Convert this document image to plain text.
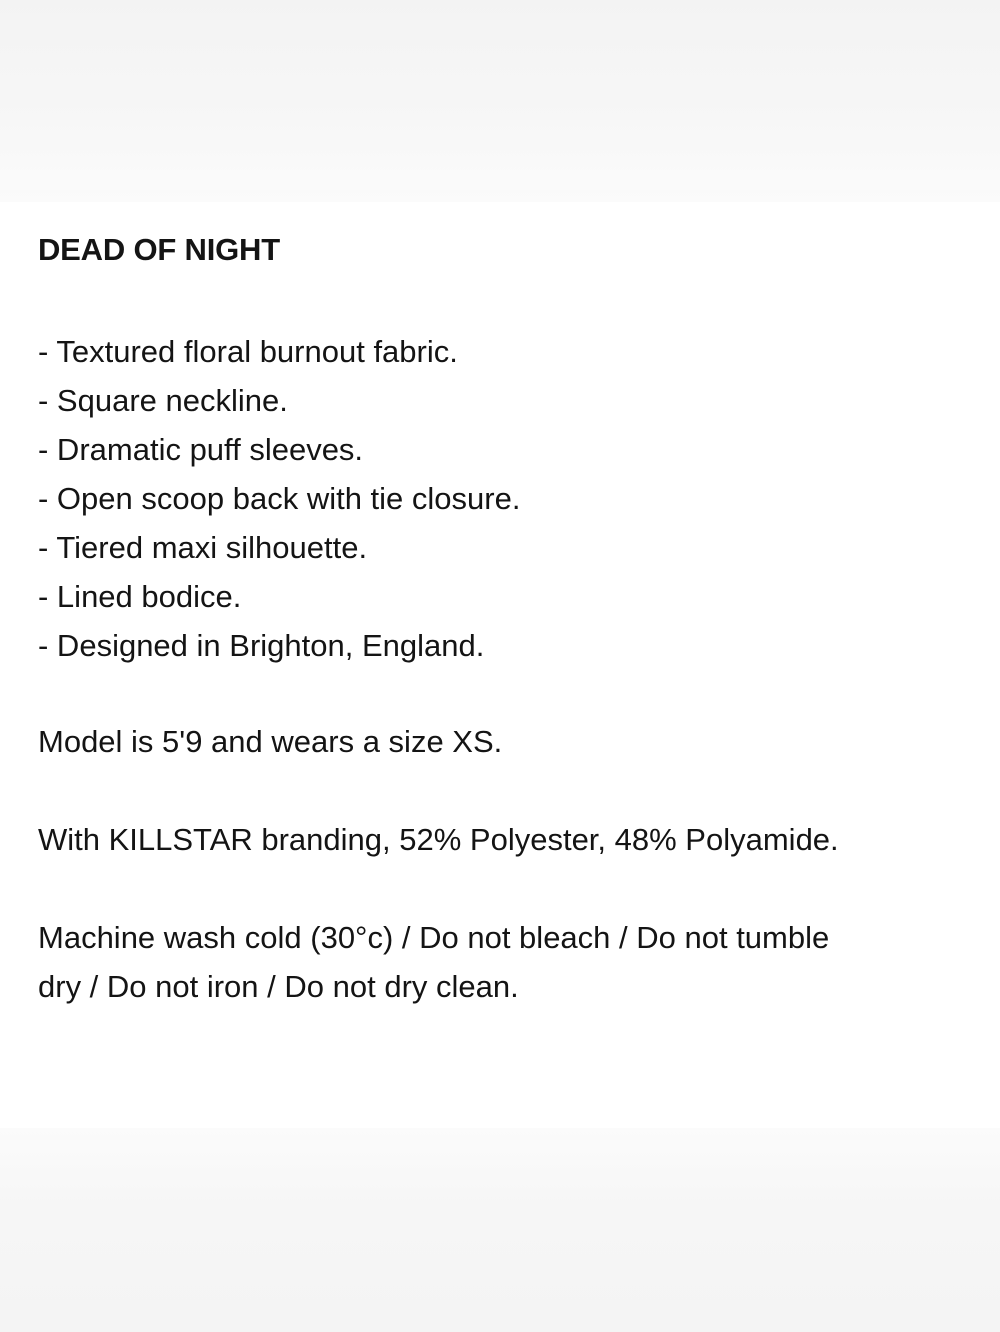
DEAD OF NIGHT
- Textured floral burnout fabric.
- Square neckline.
- Dramatic puff sleeves.
- Open scoop back with tie closure.
- Tiered maxi silhouette.
- Lined bodice.
- Designed in Brighton, England.

Model is 5'9 and wears a size XS.

With KILLSTAR branding, 52% Polyester, 48% Polyamide.

Machine wash cold (30°c) / Do not bleach / Do not tumble
dry / Do not iron / Do not dry clean.
